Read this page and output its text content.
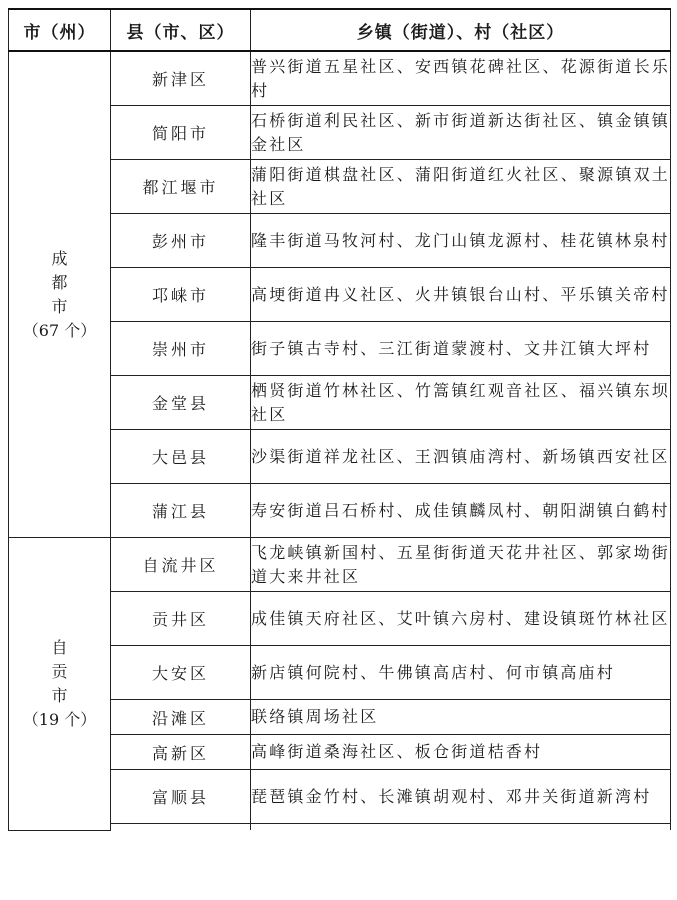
市（州）	县（市、区）	乡镇（街道）、村（社区）

成
都
市
（67 个）	新津区	普兴街道五星社区、安西镇花碑社区、花源街道长乐村
	简阳市	石桥街道利民社区、新市街道新达街社区、镇金镇镇金社区
	都江堰市	蒲阳街道棋盘社区、蒲阳街道红火社区、聚源镇双土社区
	彭州市	隆丰街道马牧河村、龙门山镇龙源村、桂花镇林泉村
	邛崃市	高埂街道冉义社区、火井镇银台山村、平乐镇关帝村
	崇州市	街子镇古寺村、三江街道蒙渡村、文井江镇大坪村
	金堂县	栖贤街道竹林社区、竹篙镇红观音社区、福兴镇东坝社区
	大邑县	沙渠街道祥龙社区、王泗镇庙湾村、新场镇西安社区
	蒲江县	寿安街道吕石桥村、成佳镇麟凤村、朝阳湖镇白鹤村

自
贡
市
（19 个）	自流井区	飞龙峡镇新国村、五星街街道天花井社区、郭家坳街道大来井社区
	贡井区	成佳镇天府社区、艾叶镇六房村、建设镇斑竹林社区
	大安区	新店镇何院村、牛佛镇高店村、何市镇高庙村
	沿滩区	联络镇周场社区
	高新区	高峰街道桑海社区、板仓街道桔香村
	富顺县	琵琶镇金竹村、长滩镇胡观村、邓井关街道新湾村
